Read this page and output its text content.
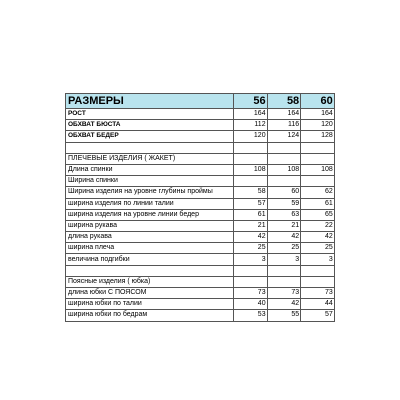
РАЗМЕРЫ	56	58	60
РОСТ	164	164	164
ОБХВАТ БЮСТА	112	116	120
ОБХВАТ БЕДЕР	120	124	128

ПЛЕЧЕВЫЕ ИЗДЕЛИЯ ( ЖАКЕТ)			
Длина спинки	108	108	108
Ширина спинки			
Ширина изделия на уровне глубины проймы	58	60	62
ширина изделия по линии талии	57	59	61
ширина изделия на уровне линии бедер	61	63	65
ширина рукава	21	21	22
длина рукава	42	42	42
ширина плеча	25	25	25
величина подгибки	3	3	3

Поясные изделия ( юбка)			
длина юбки С ПОЯСОМ	73	73	73
ширина юбки по талии	40	42	44
ширина юбки по бедрам	53	55	57
